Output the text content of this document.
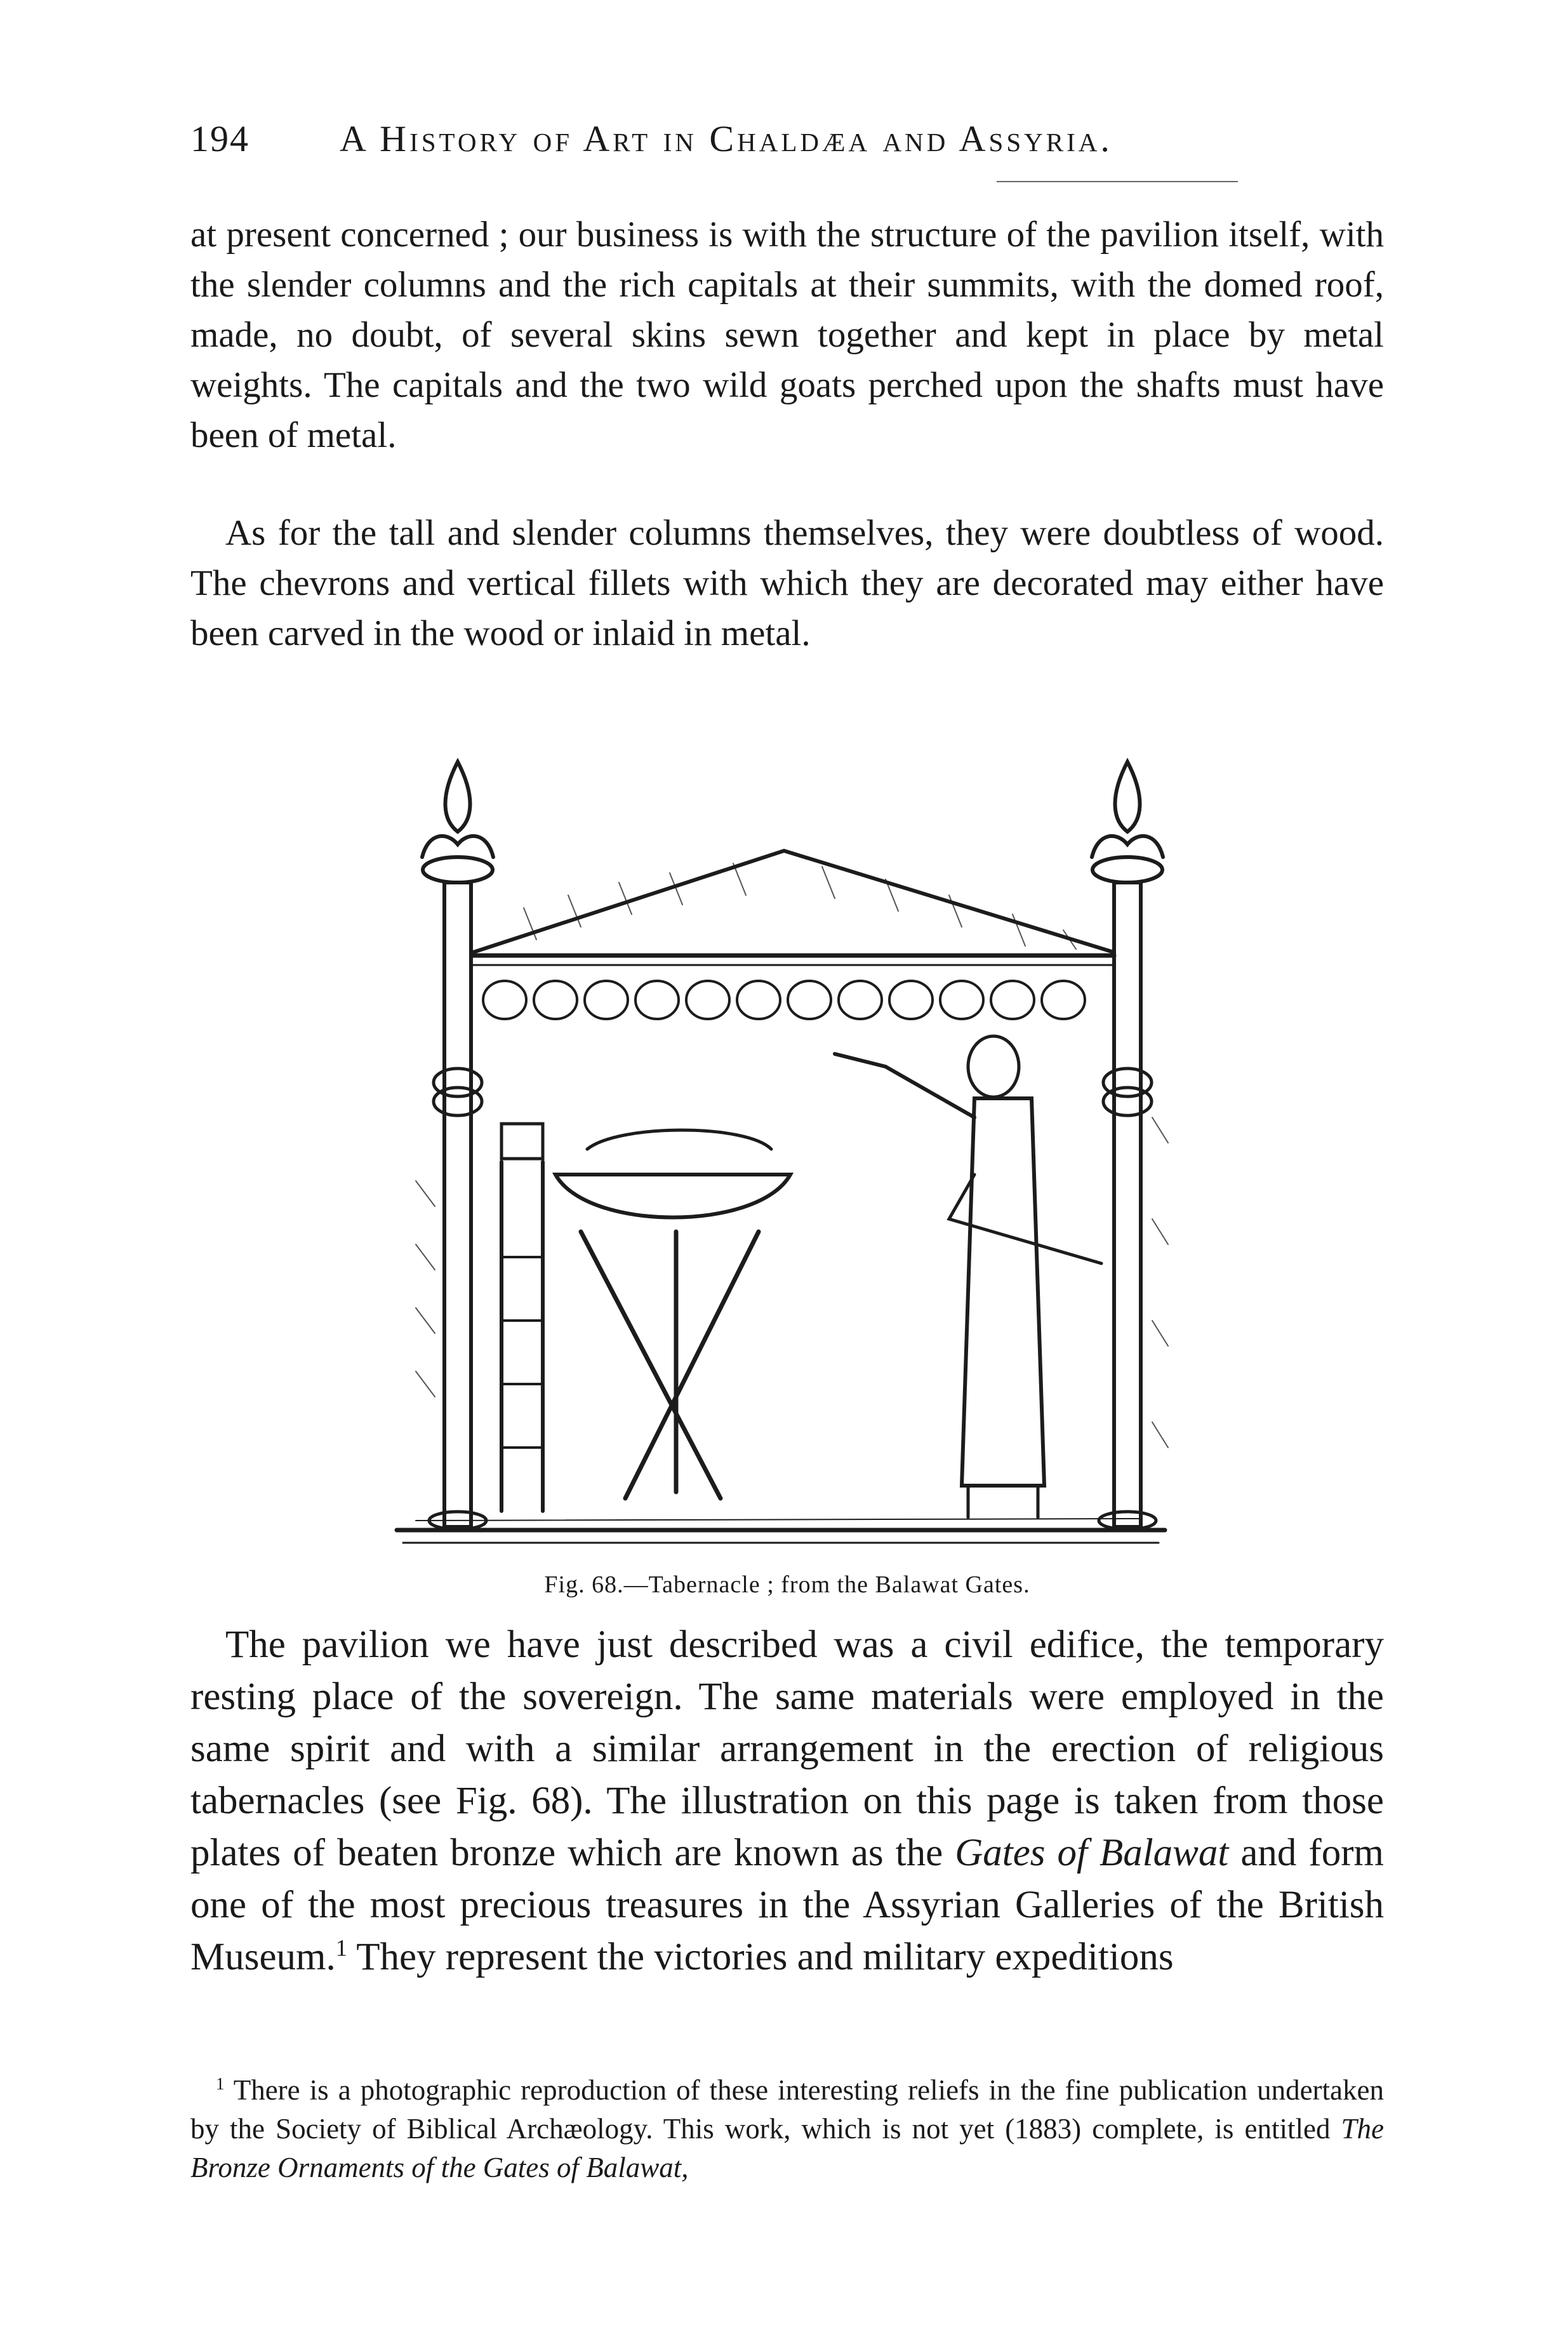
194 A History of Art in Chaldæa and Assyria.

at present concerned ; our business is with the structure of the pavilion itself, with the slender columns and the rich capitals at their summits, with the domed roof, made, no doubt, of several skins sewn together and kept in place by metal weights. The capitals and the two wild goats perched upon the shafts must have been of metal.

As for the tall and slender columns themselves, they were doubtless of wood. The chevrons and vertical fillets with which they are decorated may either have been carved in the wood or inlaid in metal.

Fig. 68.—Tabernacle ; from the Balawat Gates.

The pavilion we have just described was a civil edifice, the temporary resting place of the sovereign. The same materials were employed in the same spirit and with a similar arrangement in the erection of religious tabernacles (see Fig. 68). The illustration on this page is taken from those plates of beaten bronze which are known as the Gates of Balawat and form one of the most precious treasures in the Assyrian Galleries of the British Museum.$^1$ They represent the victories and military expeditions

$^1$ There is a photographic reproduction of these interesting reliefs in the fine publication undertaken by the Society of Biblical Archæology. This work, which is not yet (1883) complete, is entitled The Bronze Ornaments of the Gates of Balawat,
